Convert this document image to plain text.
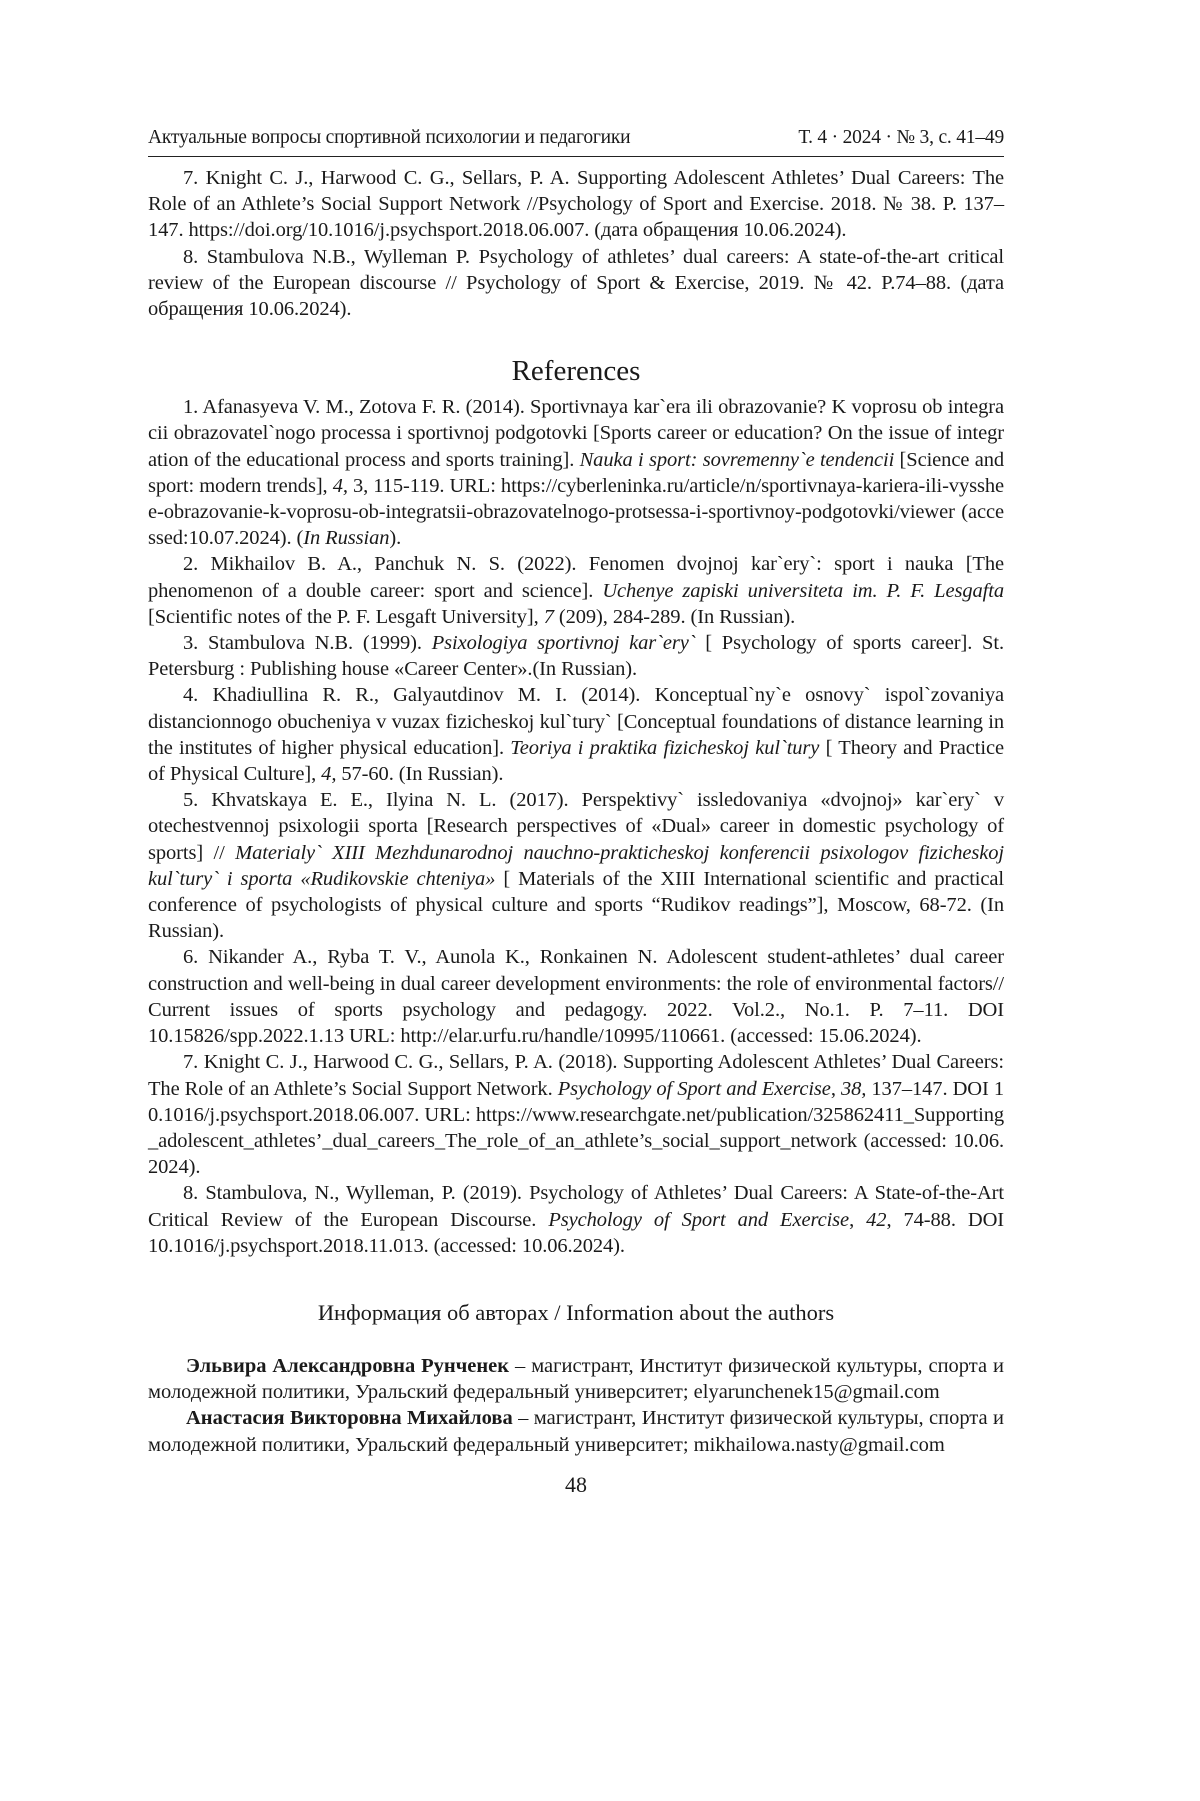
Актуальные вопросы спортивной психологии и педагогики	Т. 4 · 2024 · № 3, с. 41–49

7. Knight C. J., Harwood C. G., Sellars, P. A. Supporting Adolescent Athletes’ Dual Careers: The Role of an Athlete’s Social Support Network //Psychology of Sport and Exercise. 2018. № 38. P. 137–147. https://doi.org/10.1016/j.psychsport.2018.06.007. (дата обращения 10.06.2024).

8. Stambulova N.B., Wylleman P. Psychology of athletes’ dual careers: A state-of-the-art critical review of the European discourse // Psychology of Sport & Exercise, 2019. № 42. P.74–88. (дата обращения 10.06.2024).

References

1. Afanasyeva V. M., Zotova F. R. (2014). Sportivnaya kar`era ili obrazovanie? K voprosu ob integracii obrazovatel`nogo processa i sportivnoj podgotovki [Sports career or education? On the issue of integration of the educational process and sports training]. Nauka i sport: sovremenny`e tendencii [Science and sport: modern trends], 4, 3, 115-119. URL: https://cyberleninka.ru/article/n/sportivnaya-kariera-ili-vysshee-obrazovanie-k-voprosu-ob-integratsii-obrazovatelnogo-protsessa-i-sportivnoy-podgotovki/viewer (accessed:10.07.2024). (In Russian).

2. Mikhailov B. A., Panchuk N. S. (2022). Fenomen dvojnoj kar`ery`: sport i nauka [The phenomenon of a double career: sport and science]. Uchenye zapiski universiteta im. P. F. Lesgafta [Scientific notes of the P. F. Lesgaft University], 7 (209), 284-289. (In Russian).

3. Stambulova N.B. (1999). Psixologiya sportivnoj kar`ery` [ Psychology of sports career]. St. Petersburg : Publishing house «Career Center».(In Russian).

4. Khadiullina R. R., Galyautdinov M. I. (2014). Konceptual`ny`e osnovy` ispol`zovaniya distancionnogo obucheniya v vuzax fizicheskoj kul`tury` [Conceptual foundations of distance learning in the institutes of higher physical education]. Teoriya i praktika fizicheskoj kul`tury [ Theory and Practice of Physical Culture], 4, 57-60. (In Russian).

5. Khvatskaya E. E., Ilyina N. L. (2017). Perspektivy` issledovaniya «dvojnoj» kar`ery` v otechestvennoj psixologii sporta [Research perspectives of «Dual» career in domestic psychology of sports] // Materialy` XIII Mezhdunarodnoj nauchno-prakticheskoj konferencii psixologov fizicheskoj kul`tury` i sporta «Rudikovskie chteniya» [ Materials of the XIII International scientific and practical conference of psychologists of physical culture and sports “Rudikov readings”], Moscow, 68-72. (In Russian).

6. Nikander A., Ryba T. V., Aunola K., Ronkainen N. Adolescent student-athletes’ dual career construction and well-being in dual career development environments: the role of environmental factors// Current issues of sports psychology and pedagogy. 2022. Vol.2., No.1. P. 7–11. DOI 10.15826/spp.2022.1.13 URL: http://elar.urfu.ru/handle/10995/110661. (accessed: 15.06.2024).

7. Knight C. J., Harwood C. G., Sellars, P. A. (2018). Supporting Adolescent Athletes’ Dual Careers: The Role of an Athlete’s Social Support Network. Psychology of Sport and Exercise, 38, 137–147. DOI 10.1016/j.psychsport.2018.06.007. URL: https://www.researchgate.net/publication/325862411_Supporting_adolescent_athletes’_dual_careers_The_role_of_an_athlete’s_social_support_network (accessed: 10.06.2024).

8. Stambulova, N., Wylleman, P. (2019). Psychology of Athletes’ Dual Careers: A State-of-the-Art Critical Review of the European Discourse. Psychology of Sport and Exercise, 42, 74-88. DOI 10.1016/j.psychsport.2018.11.013. (accessed: 10.06.2024).

Информация об авторах / Information about the authors

Эльвира Александровна Рунченек – магистрант, Институт физической культуры, спорта и молодежной политики, Уральский федеральный университет; elyarunchenek15@gmail.com

Анастасия Викторовна Михайлова – магистрант, Институт физической культуры, спорта и молодежной политики, Уральский федеральный университет; mikhailowa.nasty@gmail.com

48
